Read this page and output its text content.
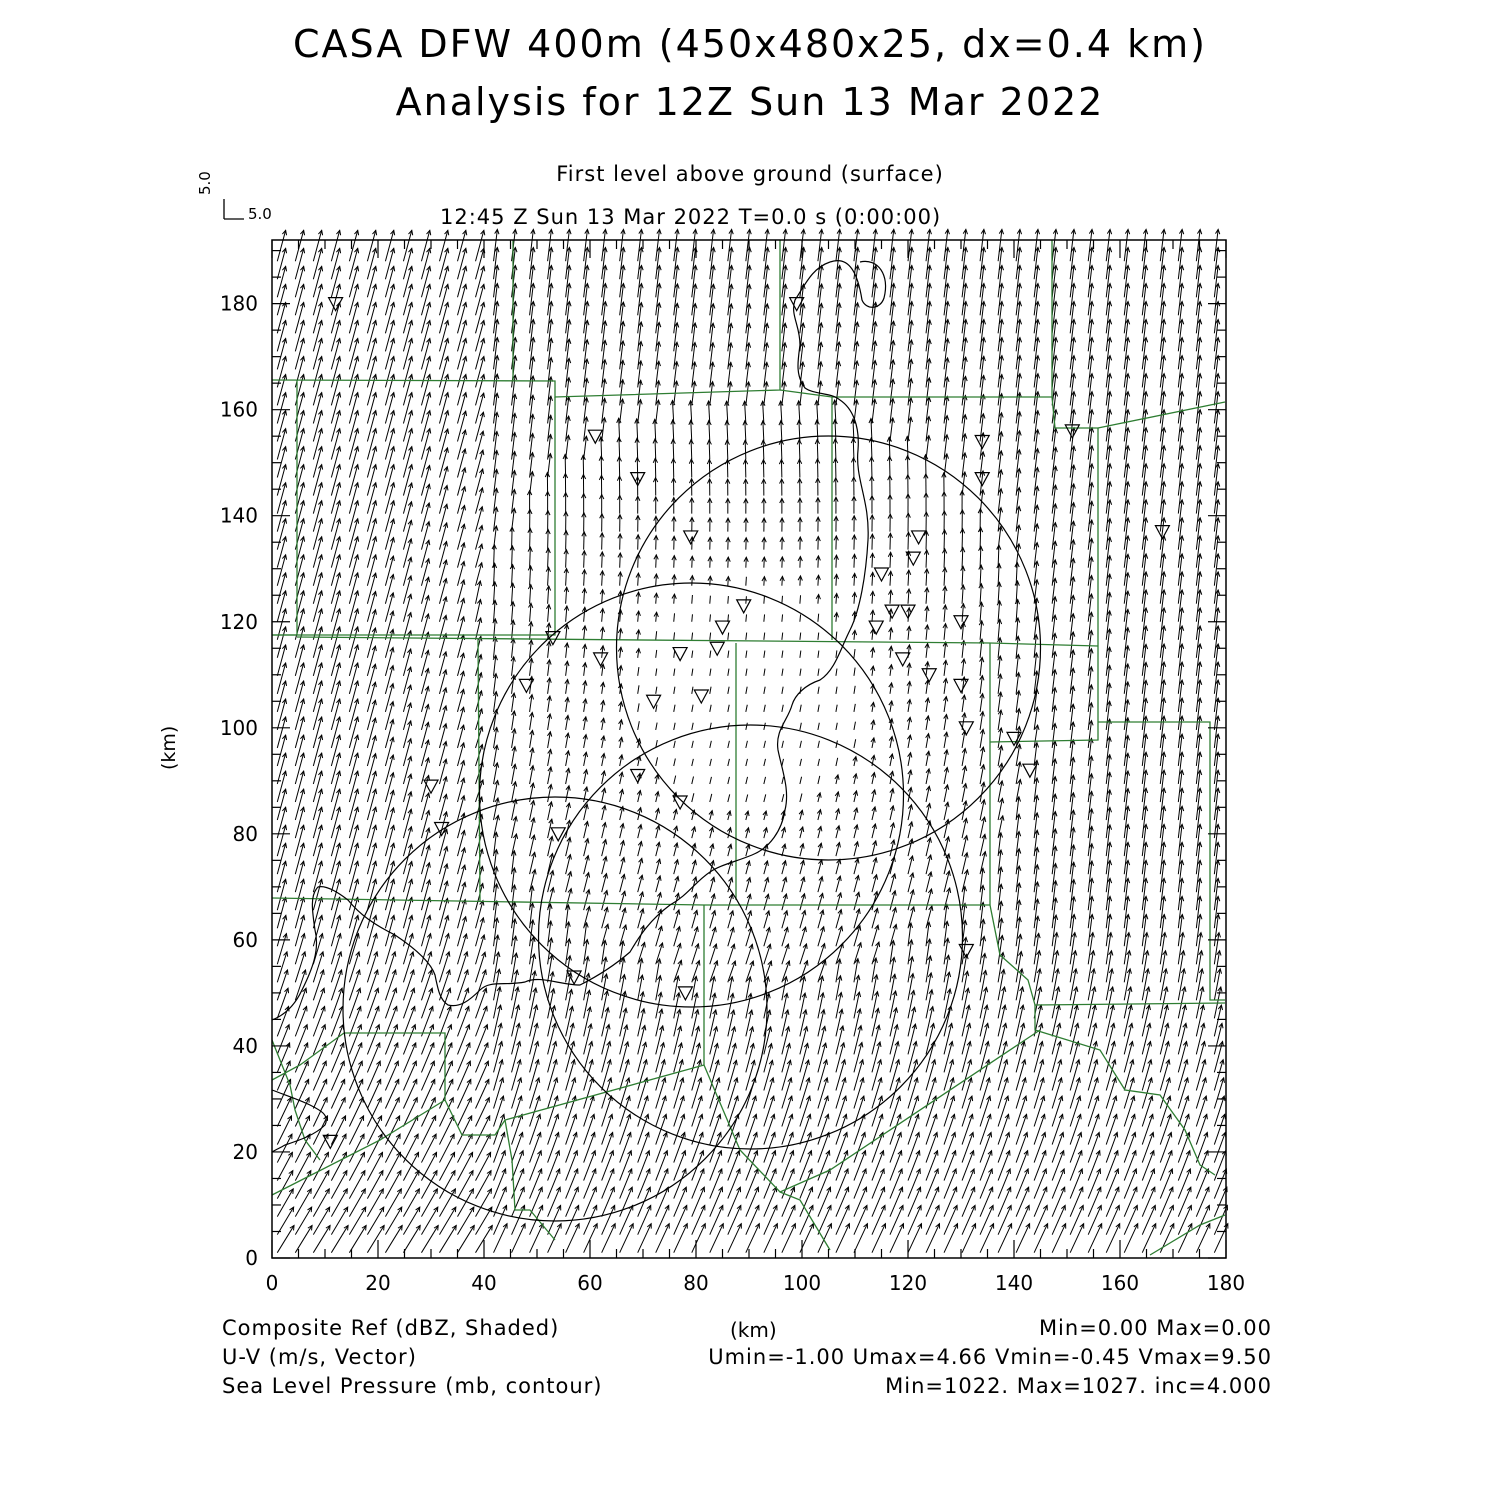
CASA DFW 400m (450x480x25, dx=0.4 km)
Analysis for 12Z Sun 13 Mar 2022
First level above ground (surface)
12:45 Z Sun 13 Mar 2022 T=0.0 s (0:00:00)
5.0
5.0
(km)
(km)
0	20	40	60	80	100	120	140	160	180
0
20
40
60
80
100
120
140
160
180
Composite Ref (dBZ, Shaded)	Min=0.00 Max=0.00
U-V (m/s, Vector)	Umin=-1.00 Umax=4.66 Vmin=-0.45 Vmax=9.50
Sea Level Pressure (mb, contour)	Min=1022. Max=1027. inc=4.000
